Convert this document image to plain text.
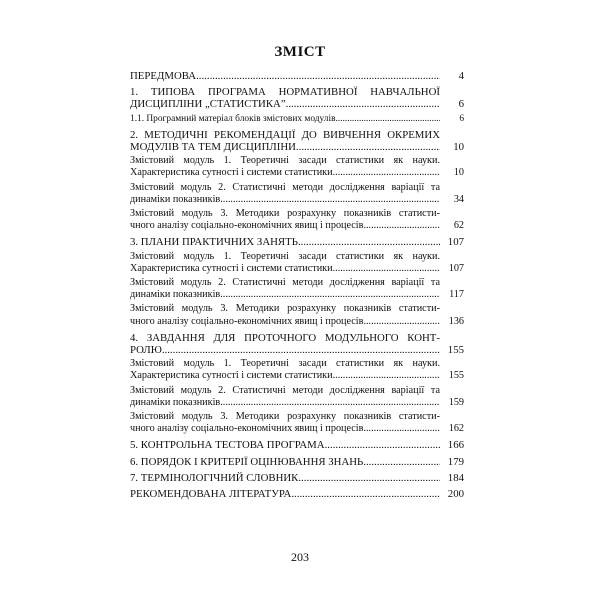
ЗМІСТ
ПЕРЕДМОВА .....	4
1. ТИПОВА ПРОГРАМА НОРМАТИВНОЇ НАВЧАЛЬНОЇ
ДИСЦИПЛІНИ „СТАТИСТИКА” .....	6
1.1. Програмний матеріал блоків змістових модулів .....	6
2. МЕТОДИЧНІ РЕКОМЕНДАЦІЇ ДО ВИВЧЕННЯ ОКРЕМИХ
МОДУЛІВ ТА ТЕМ ДИСЦИПЛІНИ .....	10
Змістовий модуль 1. Теоретичні засади статистики як науки.
Характеристика сутності і системи статистики .....	10
Змістовий модуль 2. Статистичні методи дослідження варіації та
динаміки показників .....	34
Змістовий модуль 3. Методики розрахунку показників статисти-
чного аналізу соціально-економічних явищ і процесів .....	62
3. ПЛАНИ ПРАКТИЧНИХ ЗАНЯТЬ .....	107
Змістовий модуль 1. Теоретичні засади статистики як науки.
Характеристика сутності і системи статистики .....	107
Змістовий модуль 2. Статистичні методи дослідження варіації та
динаміки показників .....	117
Змістовий модуль 3. Методики розрахунку показників статисти-
чного аналізу соціально-економічних явищ і процесів .....	136
4. ЗАВДАННЯ ДЛЯ ПРОТОЧНОГО МОДУЛЬНОГО КОНТ-
РОЛЮ .....	155
Змістовий модуль 1. Теоретичні засади статистики як науки.
Характеристика сутності і системи статистики .....	155
Змістовий модуль 2. Статистичні методи дослідження варіації та
динаміки показників .....	159
Змістовий модуль 3. Методики розрахунку показників статисти-
чного аналізу соціально-економічних явищ і процесів .....	162
5. КОНТРОЛЬНА ТЕСТОВА ПРОГРАМА .....	166
6. ПОРЯДОК І КРИТЕРІЇ ОЦІНЮВАННЯ ЗНАНЬ .....	179
7. ТЕРМІНОЛОГІЧНИЙ СЛОВНИК .....	184
РЕКОМЕНДОВАНА ЛІТЕРАТУРА .....	200
203
